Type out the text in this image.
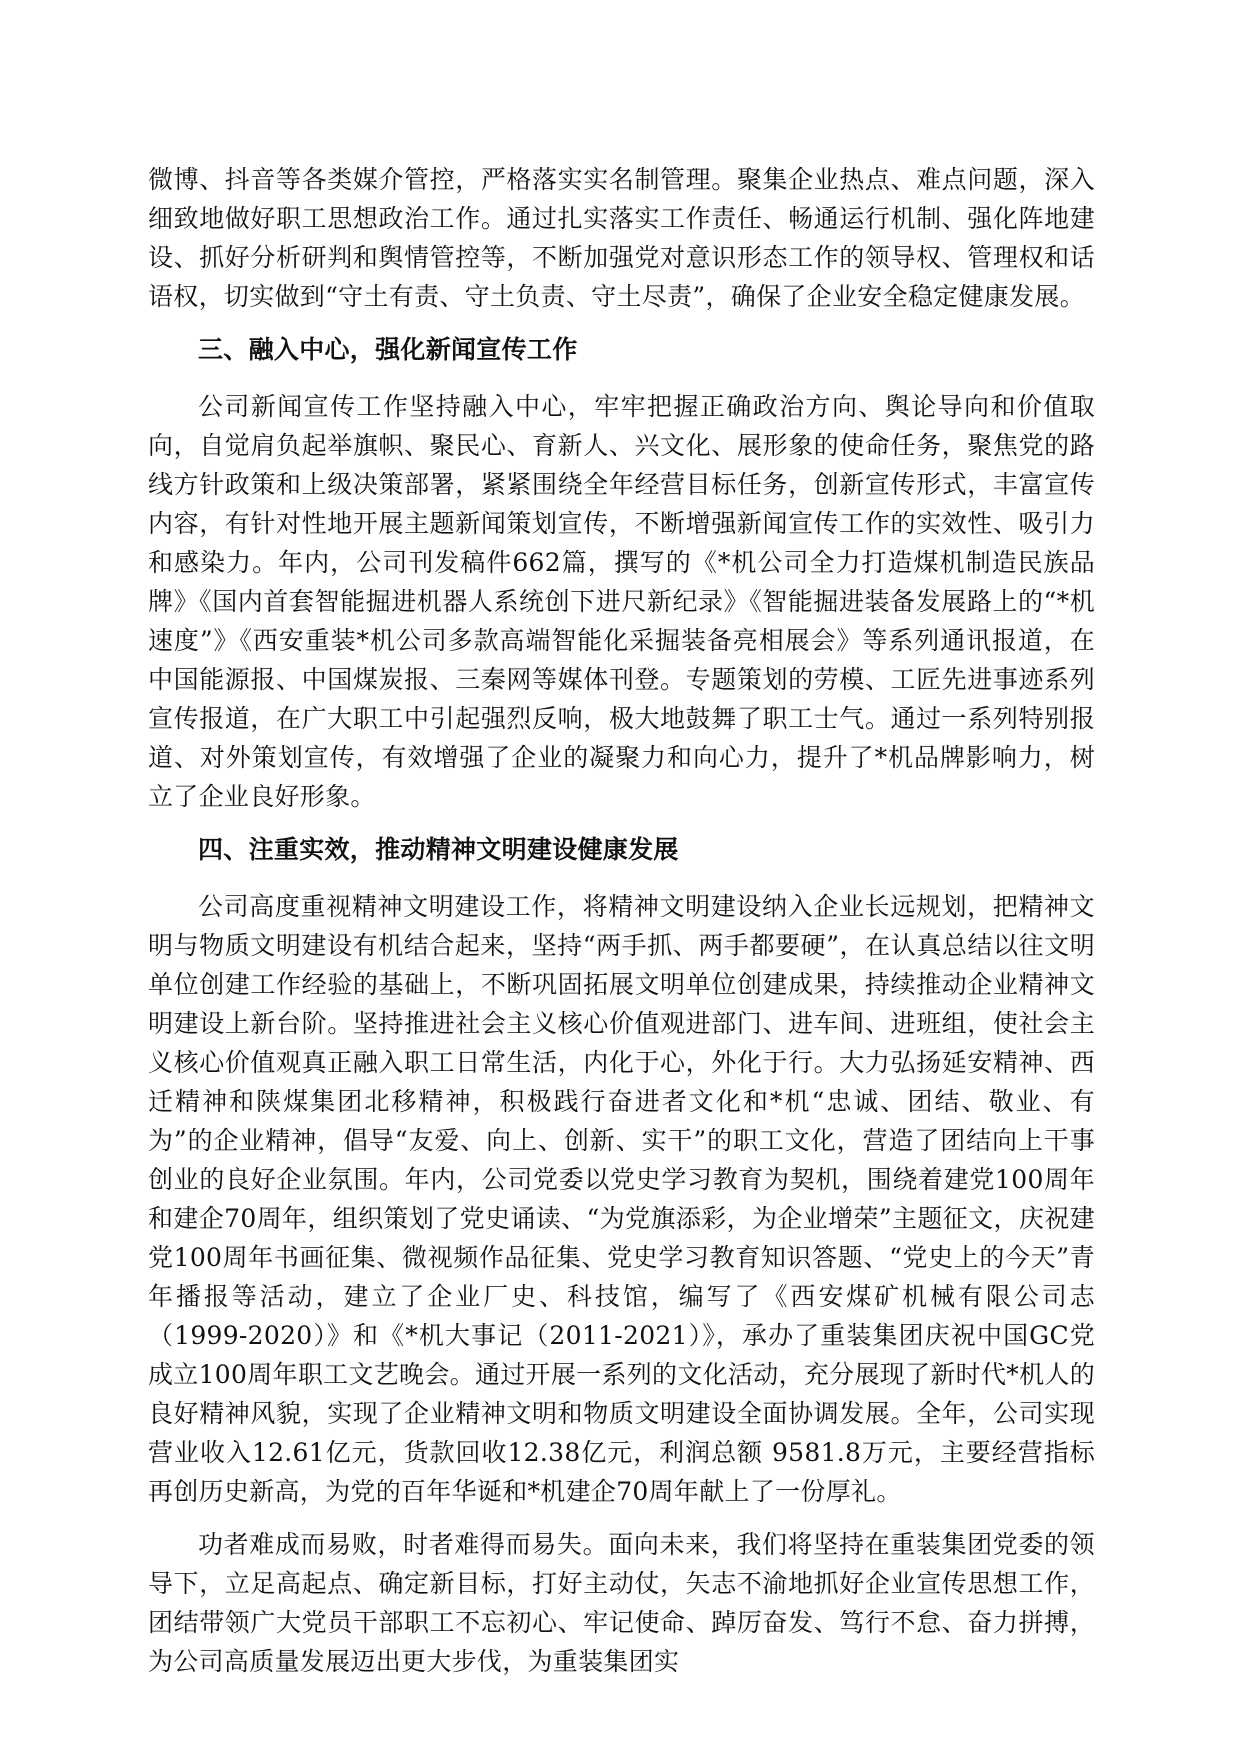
微博、抖音等各类媒介管控，严格落实实名制管理。聚集企业热点、难点问题，深入细致地做好职工思想政治工作。通过扎实落实工作责任、畅通运行机制、强化阵地建设、抓好分析研判和舆情管控等，不断加强党对意识形态工作的领导权、管理权和话语权，切实做到“守土有责、守土负责、守土尽责”，确保了企业安全稳定健康发展。

三、融入中心，强化新闻宣传工作

公司新闻宣传工作坚持融入中心，牢牢把握正确政治方向、舆论导向和价值取向，自觉肩负起举旗帜、聚民心、育新人、兴文化、展形象的使命任务，聚焦党的路线方针政策和上级决策部署，紧紧围绕全年经营目标任务，创新宣传形式，丰富宣传内容，有针对性地开展主题新闻策划宣传，不断增强新闻宣传工作的实效性、吸引力和感染力。年内，公司刊发稿件662篇，撰写的《*机公司全力打造煤机制造民族品牌》《国内首套智能掘进机器人系统创下进尺新纪录》《智能掘进装备发展路上的“*机速度”》《西安重装*机公司多款高端智能化采掘装备亮相展会》等系列通讯报道，在中国能源报、中国煤炭报、三秦网等媒体刊登。专题策划的劳模、工匠先进事迹系列宣传报道，在广大职工中引起强烈反响，极大地鼓舞了职工士气。通过一系列特别报道、对外策划宣传，有效增强了企业的凝聚力和向心力，提升了*机品牌影响力，树立了企业良好形象。

四、注重实效，推动精神文明建设健康发展

公司高度重视精神文明建设工作，将精神文明建设纳入企业长远规划，把精神文明与物质文明建设有机结合起来，坚持“两手抓、两手都要硬”，在认真总结以往文明单位创建工作经验的基础上，不断巩固拓展文明单位创建成果，持续推动企业精神文明建设上新台阶。坚持推进社会主义核心价值观进部门、进车间、进班组，使社会主义核心价值观真正融入职工日常生活，内化于心，外化于行。大力弘扬延安精神、西迁精神和陕煤集团北移精神，积极践行奋进者文化和*机“忠诚、团结、敬业、有为”的企业精神，倡导“友爱、向上、创新、实干”的职工文化，营造了团结向上干事创业的良好企业氛围。年内，公司党委以党史学习教育为契机，围绕着建党100周年和建企70周年，组织策划了党史诵读、“为党旗添彩，为企业增荣”主题征文，庆祝建党100周年书画征集、微视频作品征集、党史学习教育知识答题、“党史上的今天”青年播报等活动，建立了企业厂史、科技馆，编写了《西安煤矿机械有限公司志（1999-2020）》和《*机大事记（2011-2021）》，承办了重装集团庆祝中国GC党成立100周年职工文艺晚会。通过开展一系列的文化活动，充分展现了新时代*机人的良好精神风貌，实现了企业精神文明和物质文明建设全面协调发展。全年，公司实现营业收入12.61亿元，货款回收12.38亿元，利润总额 9581.8万元，主要经营指标再创历史新高，为党的百年华诞和*机建企70周年献上了一份厚礼。

功者难成而易败，时者难得而易失。面向未来，我们将坚持在重装集团党委的领导下，立足高起点、确定新目标，打好主动仗，矢志不渝地抓好企业宣传思想工作，团结带领广大党员干部职工不忘初心、牢记使命、踔厉奋发、笃行不怠、奋力拼搏，为公司高质量发展迈出更大步伐，为重装集团实
